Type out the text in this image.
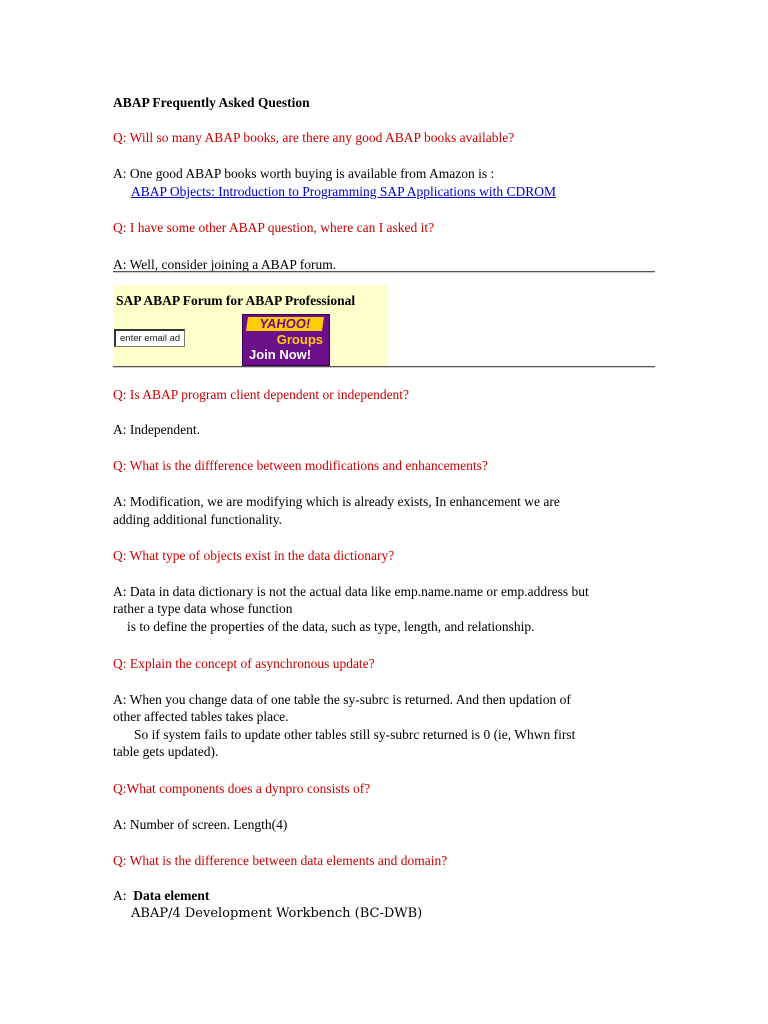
ABAP Frequently Asked Question
Q: Will so many ABAP books, are there any good ABAP books available?
A: One good ABAP books worth buying is available from Amazon is :
ABAP Objects: Introduction to Programming SAP Applications with CDROM
Q: I have some other ABAP question, where can I asked it?
A: Well, consider joining a ABAP forum.
SAP ABAP Forum for ABAP Professional
enter email ad
YAHOO!
Groups
Join Now!
Q: Is ABAP program client dependent or independent?
A: Independent.
Q: What is the diffference between modifications and enhancements?
A: Modification, we are modifying which is already exists, In enhancement we are
adding additional functionality.
Q: What type of objects exist in the data dictionary?
A: Data in data dictionary is not the actual data like emp.name.name or emp.address but
rather a type data whose function
is to define the properties of the data, such as type, length, and relationship.
Q: Explain the concept of asynchronous update?
A: When you change data of one table the sy-subrc is returned. And then updation of
other affected tables takes place.
So if system fails to update other tables still sy-subrc returned is 0 (ie, Whwn first
table gets updated).
Q:What components does a dynpro consists of?
A: Number of screen. Length(4)
Q: What is the difference between data elements and domain?
A:  Data element
ABAP/4 Development Workbench (BC-DWB)
